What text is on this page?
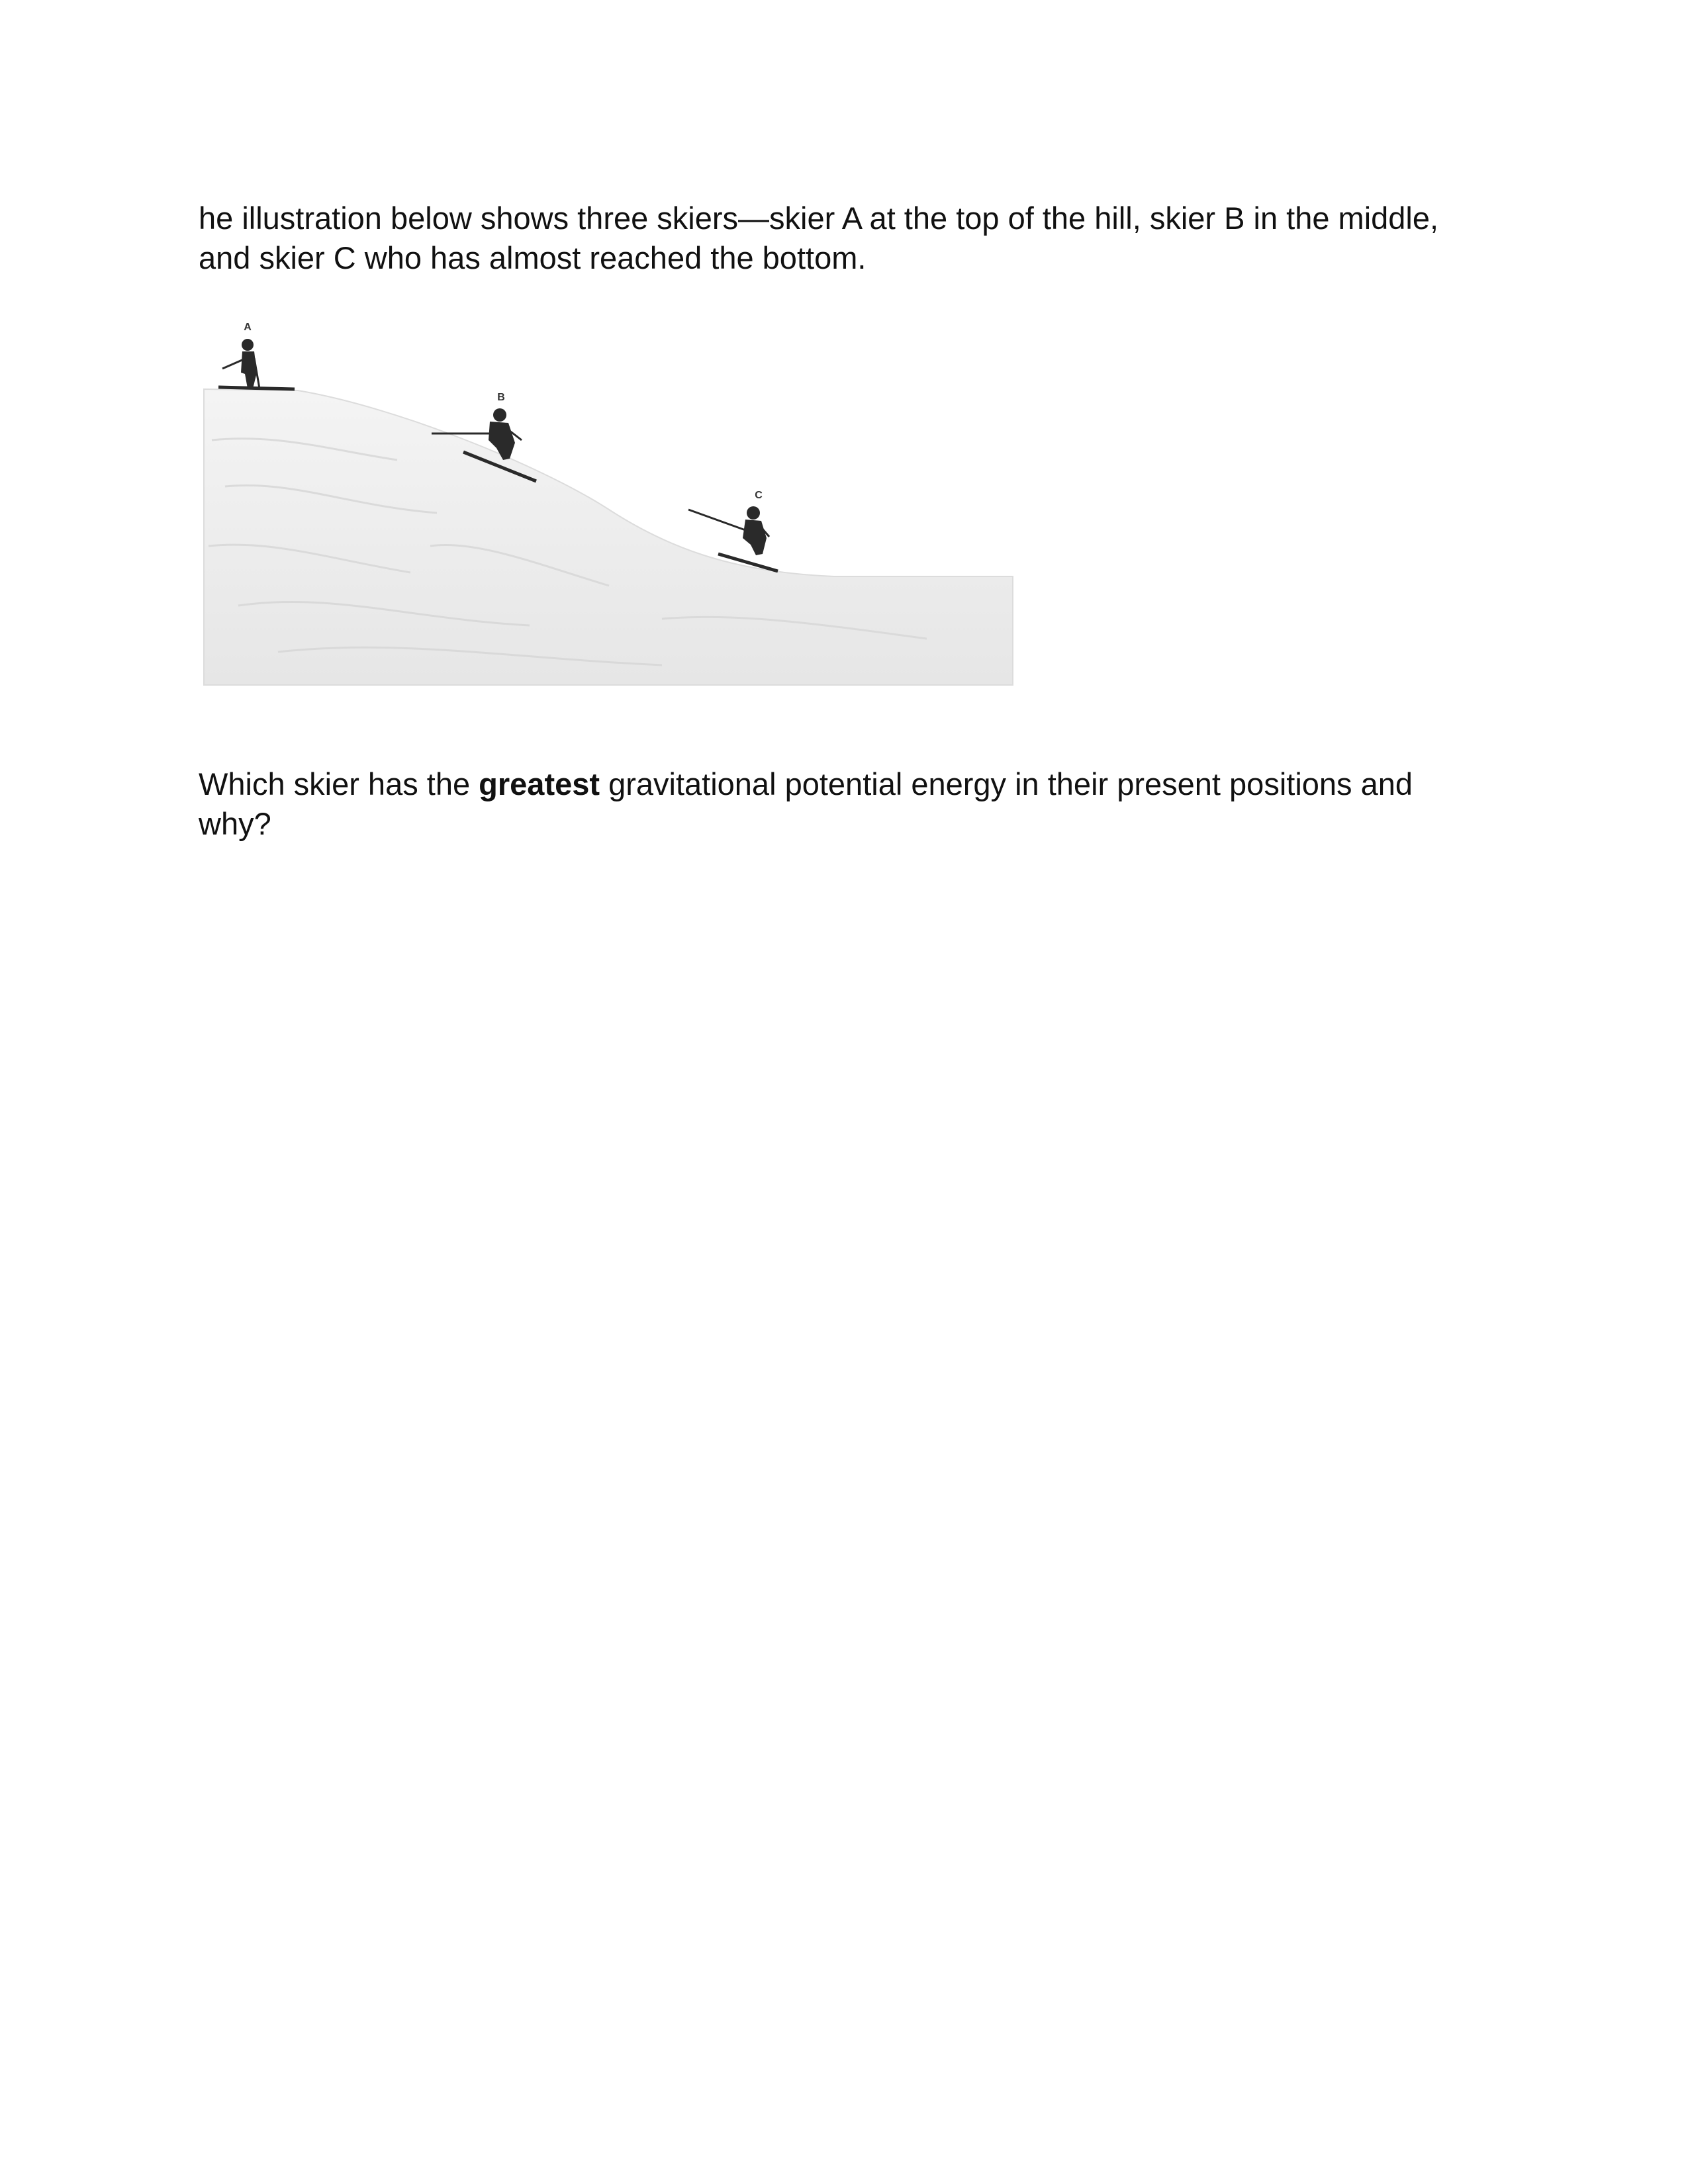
he illustration below shows three skiers—skier A at the top of the hill, skier B in the middle, and skier C who has almost reached the bottom.

A
B
C

Which skier has the greatest gravitational potential energy in their present positions and why?
